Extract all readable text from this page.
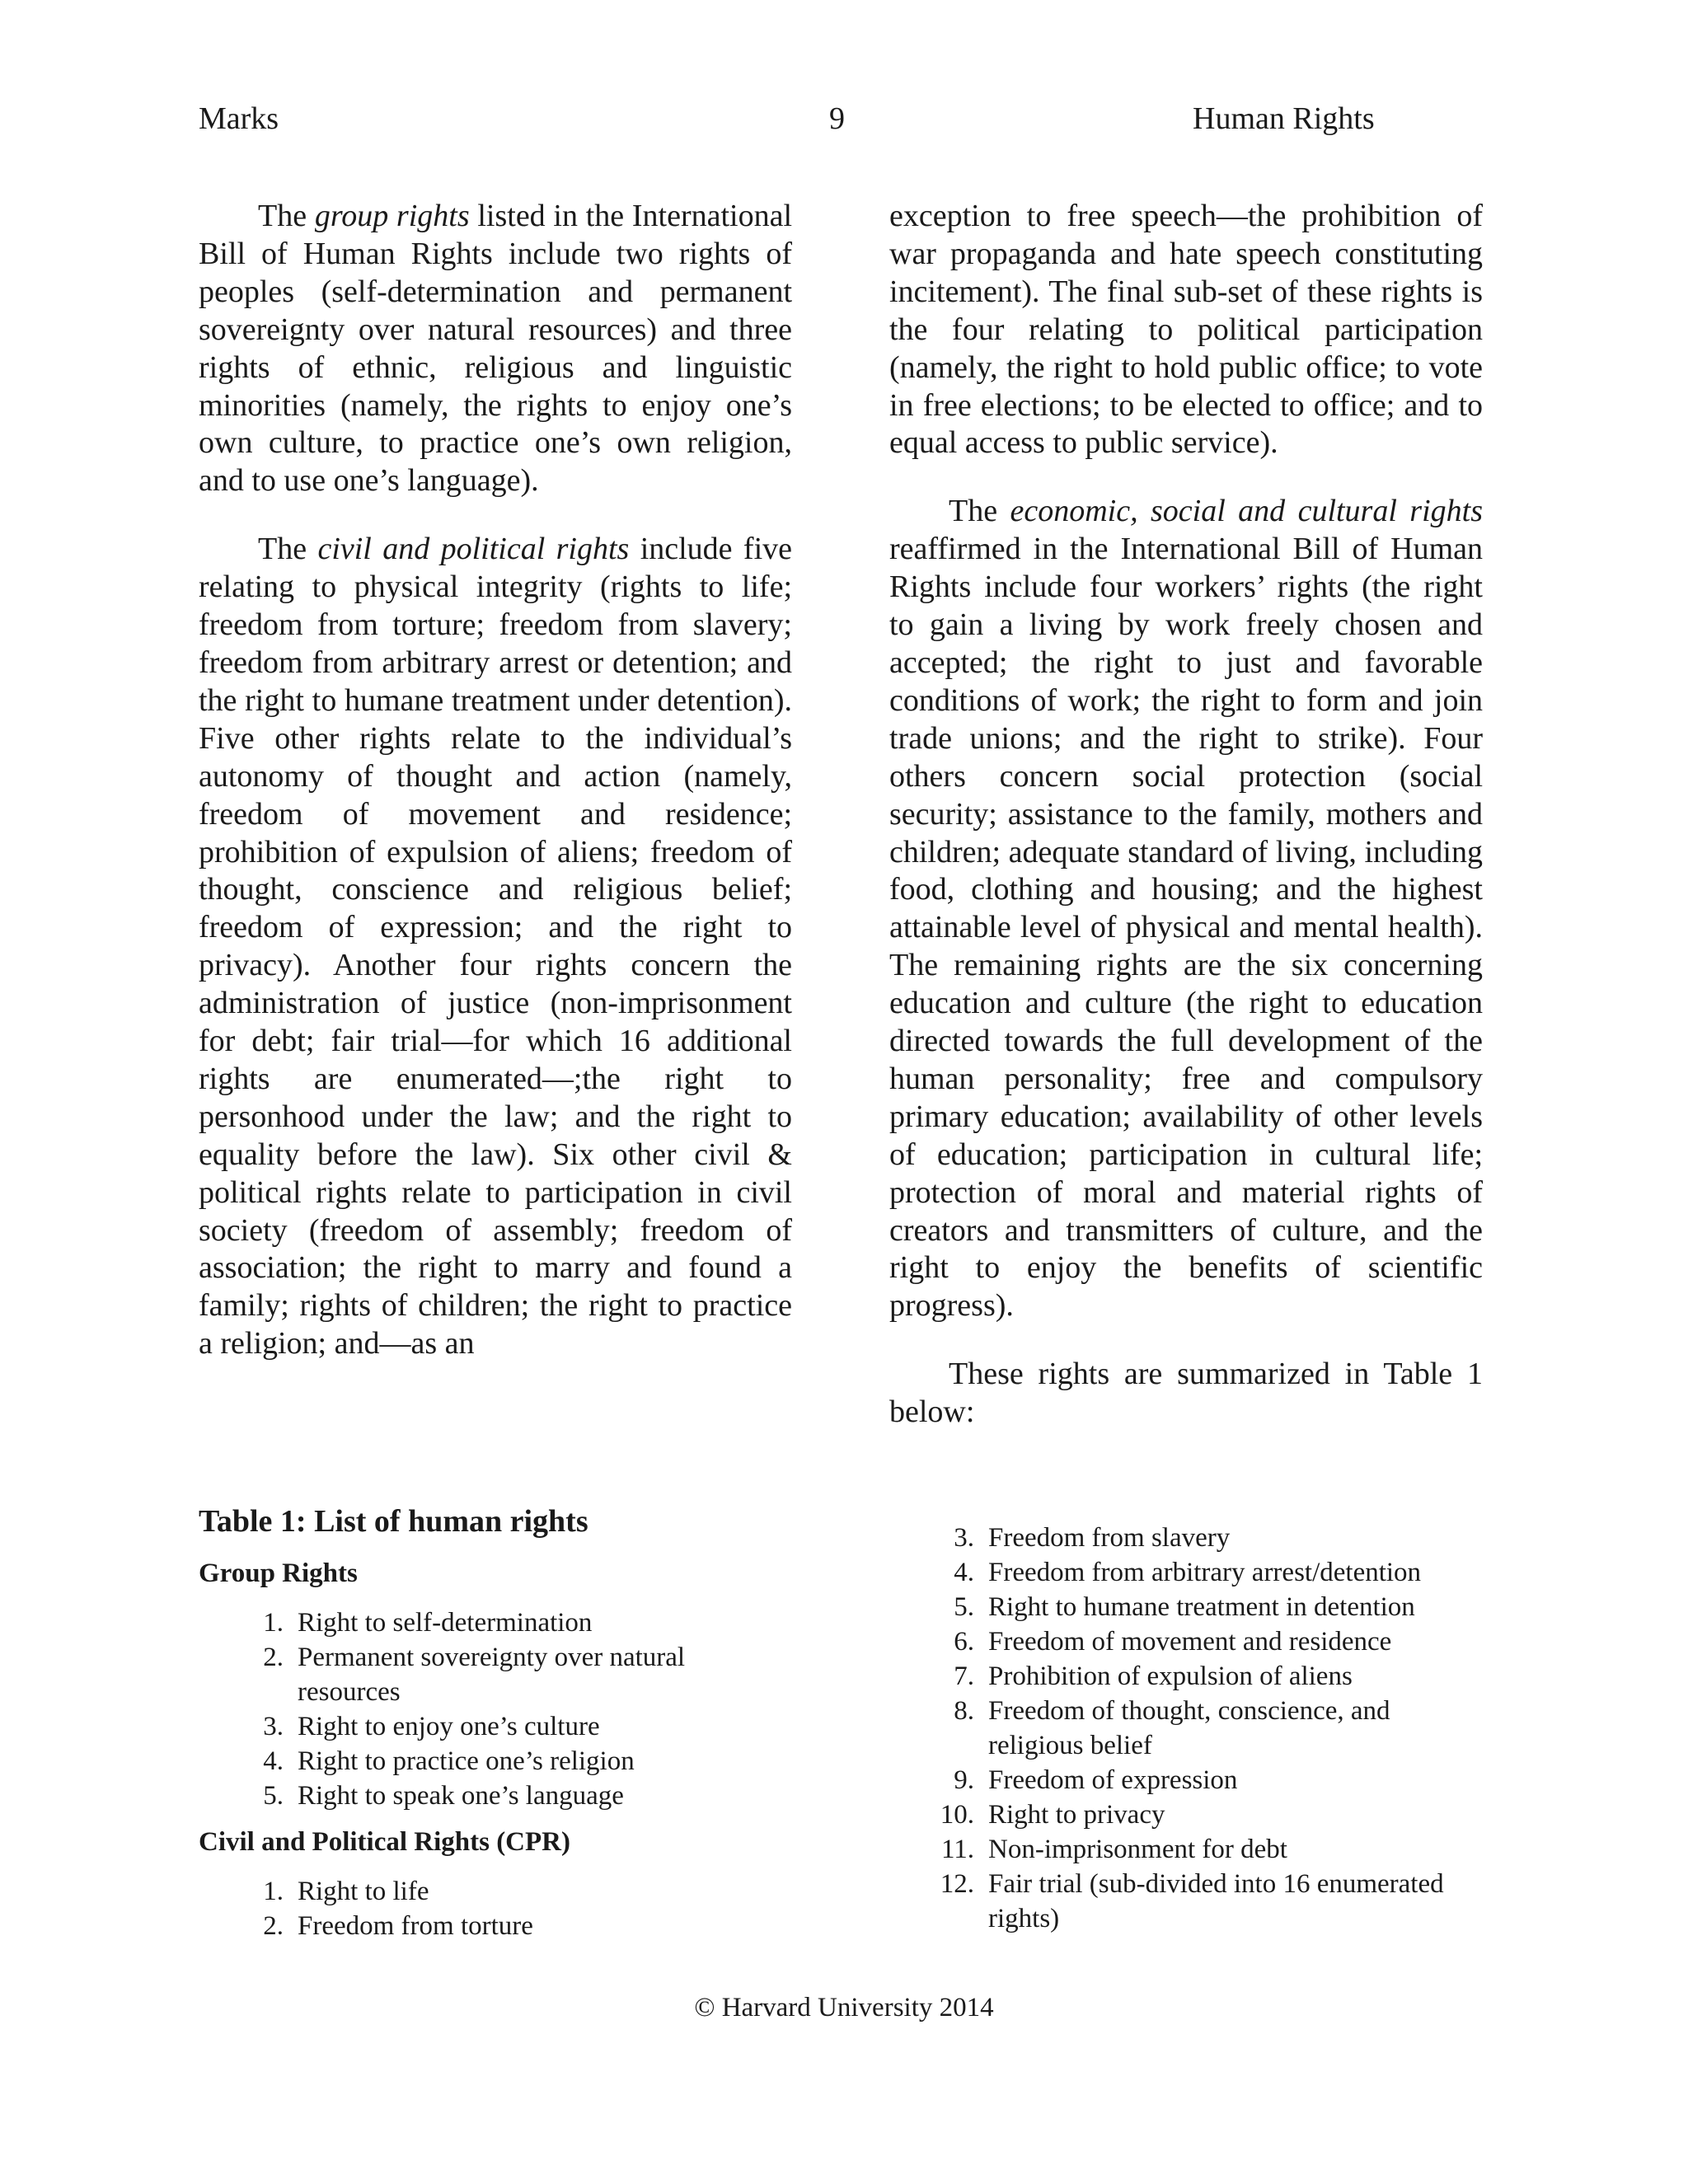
Marks	9	Human Rights

The group rights listed in the International Bill of Human Rights include two rights of peoples (self-determination and permanent sovereignty over natural resources) and three rights of ethnic, religious and linguistic minorities (namely, the rights to enjoy one’s own culture, to practice one’s own religion, and to use one’s language).

The civil and political rights include five relating to physical integrity (rights to life; freedom from torture; freedom from slavery; freedom from arbitrary arrest or detention; and the right to humane treatment under detention). Five other rights relate to the individual’s autonomy of thought and action (namely, freedom of movement and residence; prohibition of expulsion of aliens; freedom of thought, conscience and religious belief; freedom of expression; and the right to privacy). Another four rights concern the administration of justice (non-imprisonment for debt; fair trial—for which 16 additional rights are enumerated—;the right to personhood under the law; and the right to equality before the law). Six other civil & political rights relate to participation in civil society (freedom of assembly; freedom of association; the right to marry and found a family; rights of children; the right to practice a religion; and—as an

exception to free speech—the prohibition of war propaganda and hate speech constituting incitement). The final sub-set of these rights is the four relating to political participation (namely, the right to hold public office; to vote in free elections; to be elected to office; and to equal access to public service).

The economic, social and cultural rights reaffirmed in the International Bill of Human Rights include four workers’ rights (the right to gain a living by work freely chosen and accepted; the right to just and favorable conditions of work; the right to form and join trade unions; and the right to strike). Four others concern social protection (social security; assistance to the family, mothers and children; adequate standard of living, including food, clothing and housing; and the highest attainable level of physical and mental health). The remaining rights are the six concerning education and culture (the right to education directed towards the full development of the human personality; free and compulsory primary education; availability of other levels of education; participation in cultural life; protection of moral and material rights of creators and transmitters of culture, and the right to enjoy the benefits of scientific progress).

These rights are summarized in Table 1 below:

Table 1: List of human rights
Group Rights
1. Right to self-determination
2. Permanent sovereignty over natural resources
3. Right to enjoy one’s culture
4. Right to practice one’s religion
5. Right to speak one’s language
Civil and Political Rights (CPR)
1. Right to life
2. Freedom from torture
3. Freedom from slavery
4. Freedom from arbitrary arrest/detention
5. Right to humane treatment in detention
6. Freedom of movement and residence
7. Prohibition of expulsion of aliens
8. Freedom of thought, conscience, and religious belief
9. Freedom of expression
10. Right to privacy
11. Non-imprisonment for debt
12. Fair trial (sub-divided into 16 enumerated rights)
© Harvard University 2014
